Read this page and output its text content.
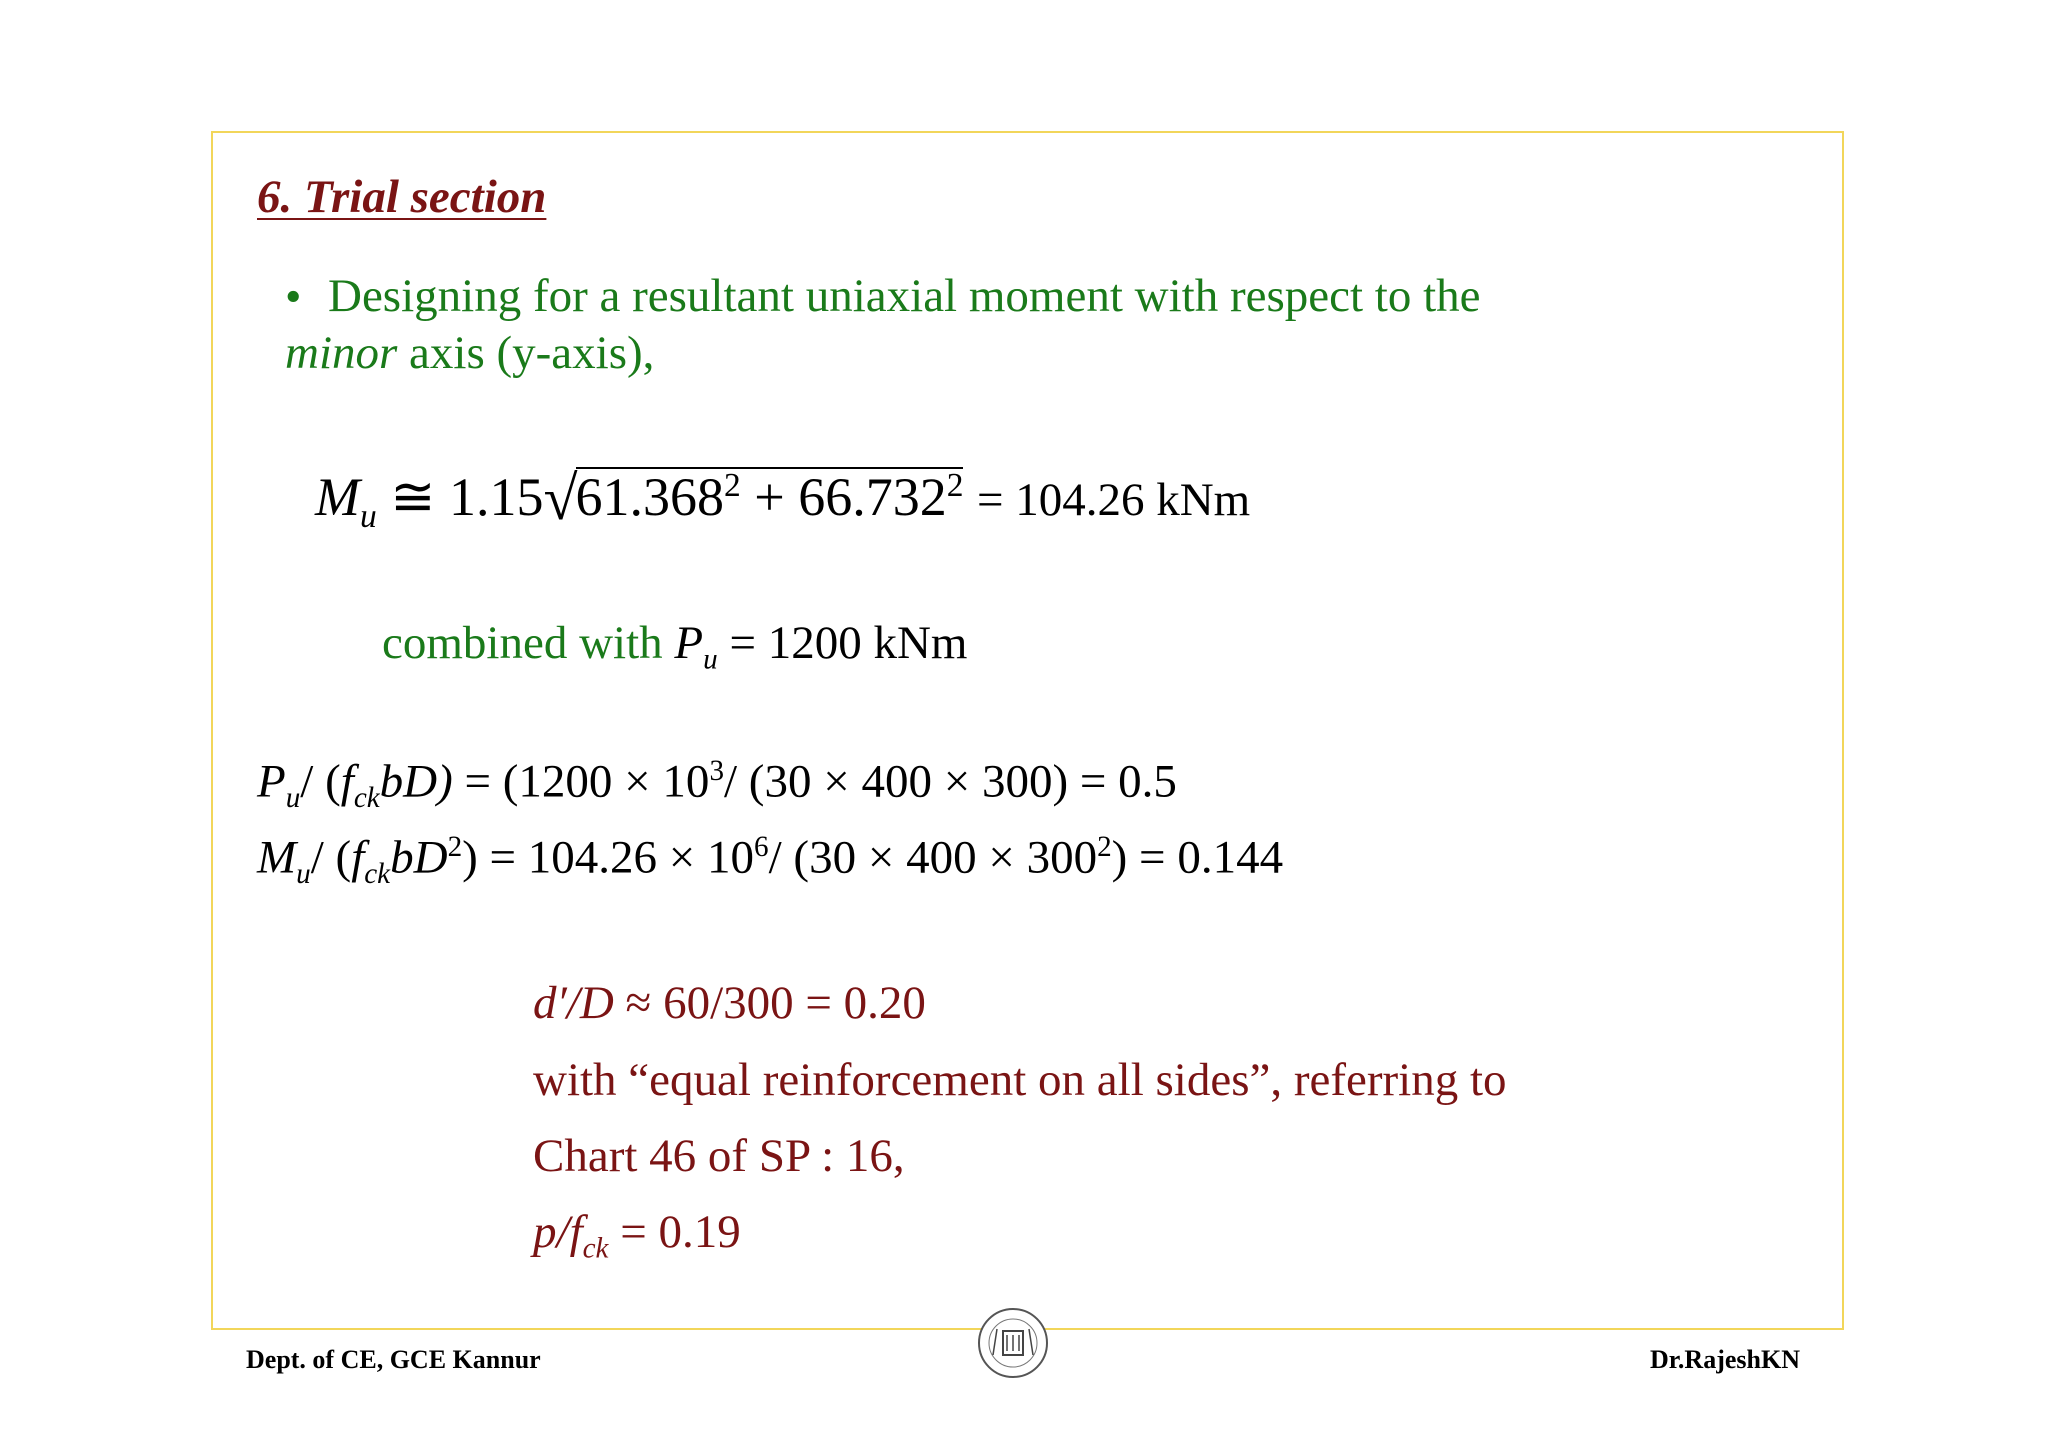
6. Trial section
• Designing for a resultant uniaxial moment with respect to the
minor axis (y-axis),
$M_u$ ≅ $1.15√61.368^2 + 66.732^2 = 104.26$ kNm
combined with $P_u = 1200$ kNm
$P_u/$ $(f_{ck}bD) = (1200 \times 10^3/$ (30 × 400 × 300) = 0.5
$M_u/$ $(f_{ck}bD^2) = 104.26 \times 10^6/$ $(30 \times 400 \times 300^2) = 0.144$
d′/D ≈ 60/300 = 0.20
with “equal reinforcement on all sides”, referring to
Chart 46 of SP : 16,
$p/f_{ck} = 0.19$
Dept. of CE, GCE Kannur	Dr.RajeshKN
